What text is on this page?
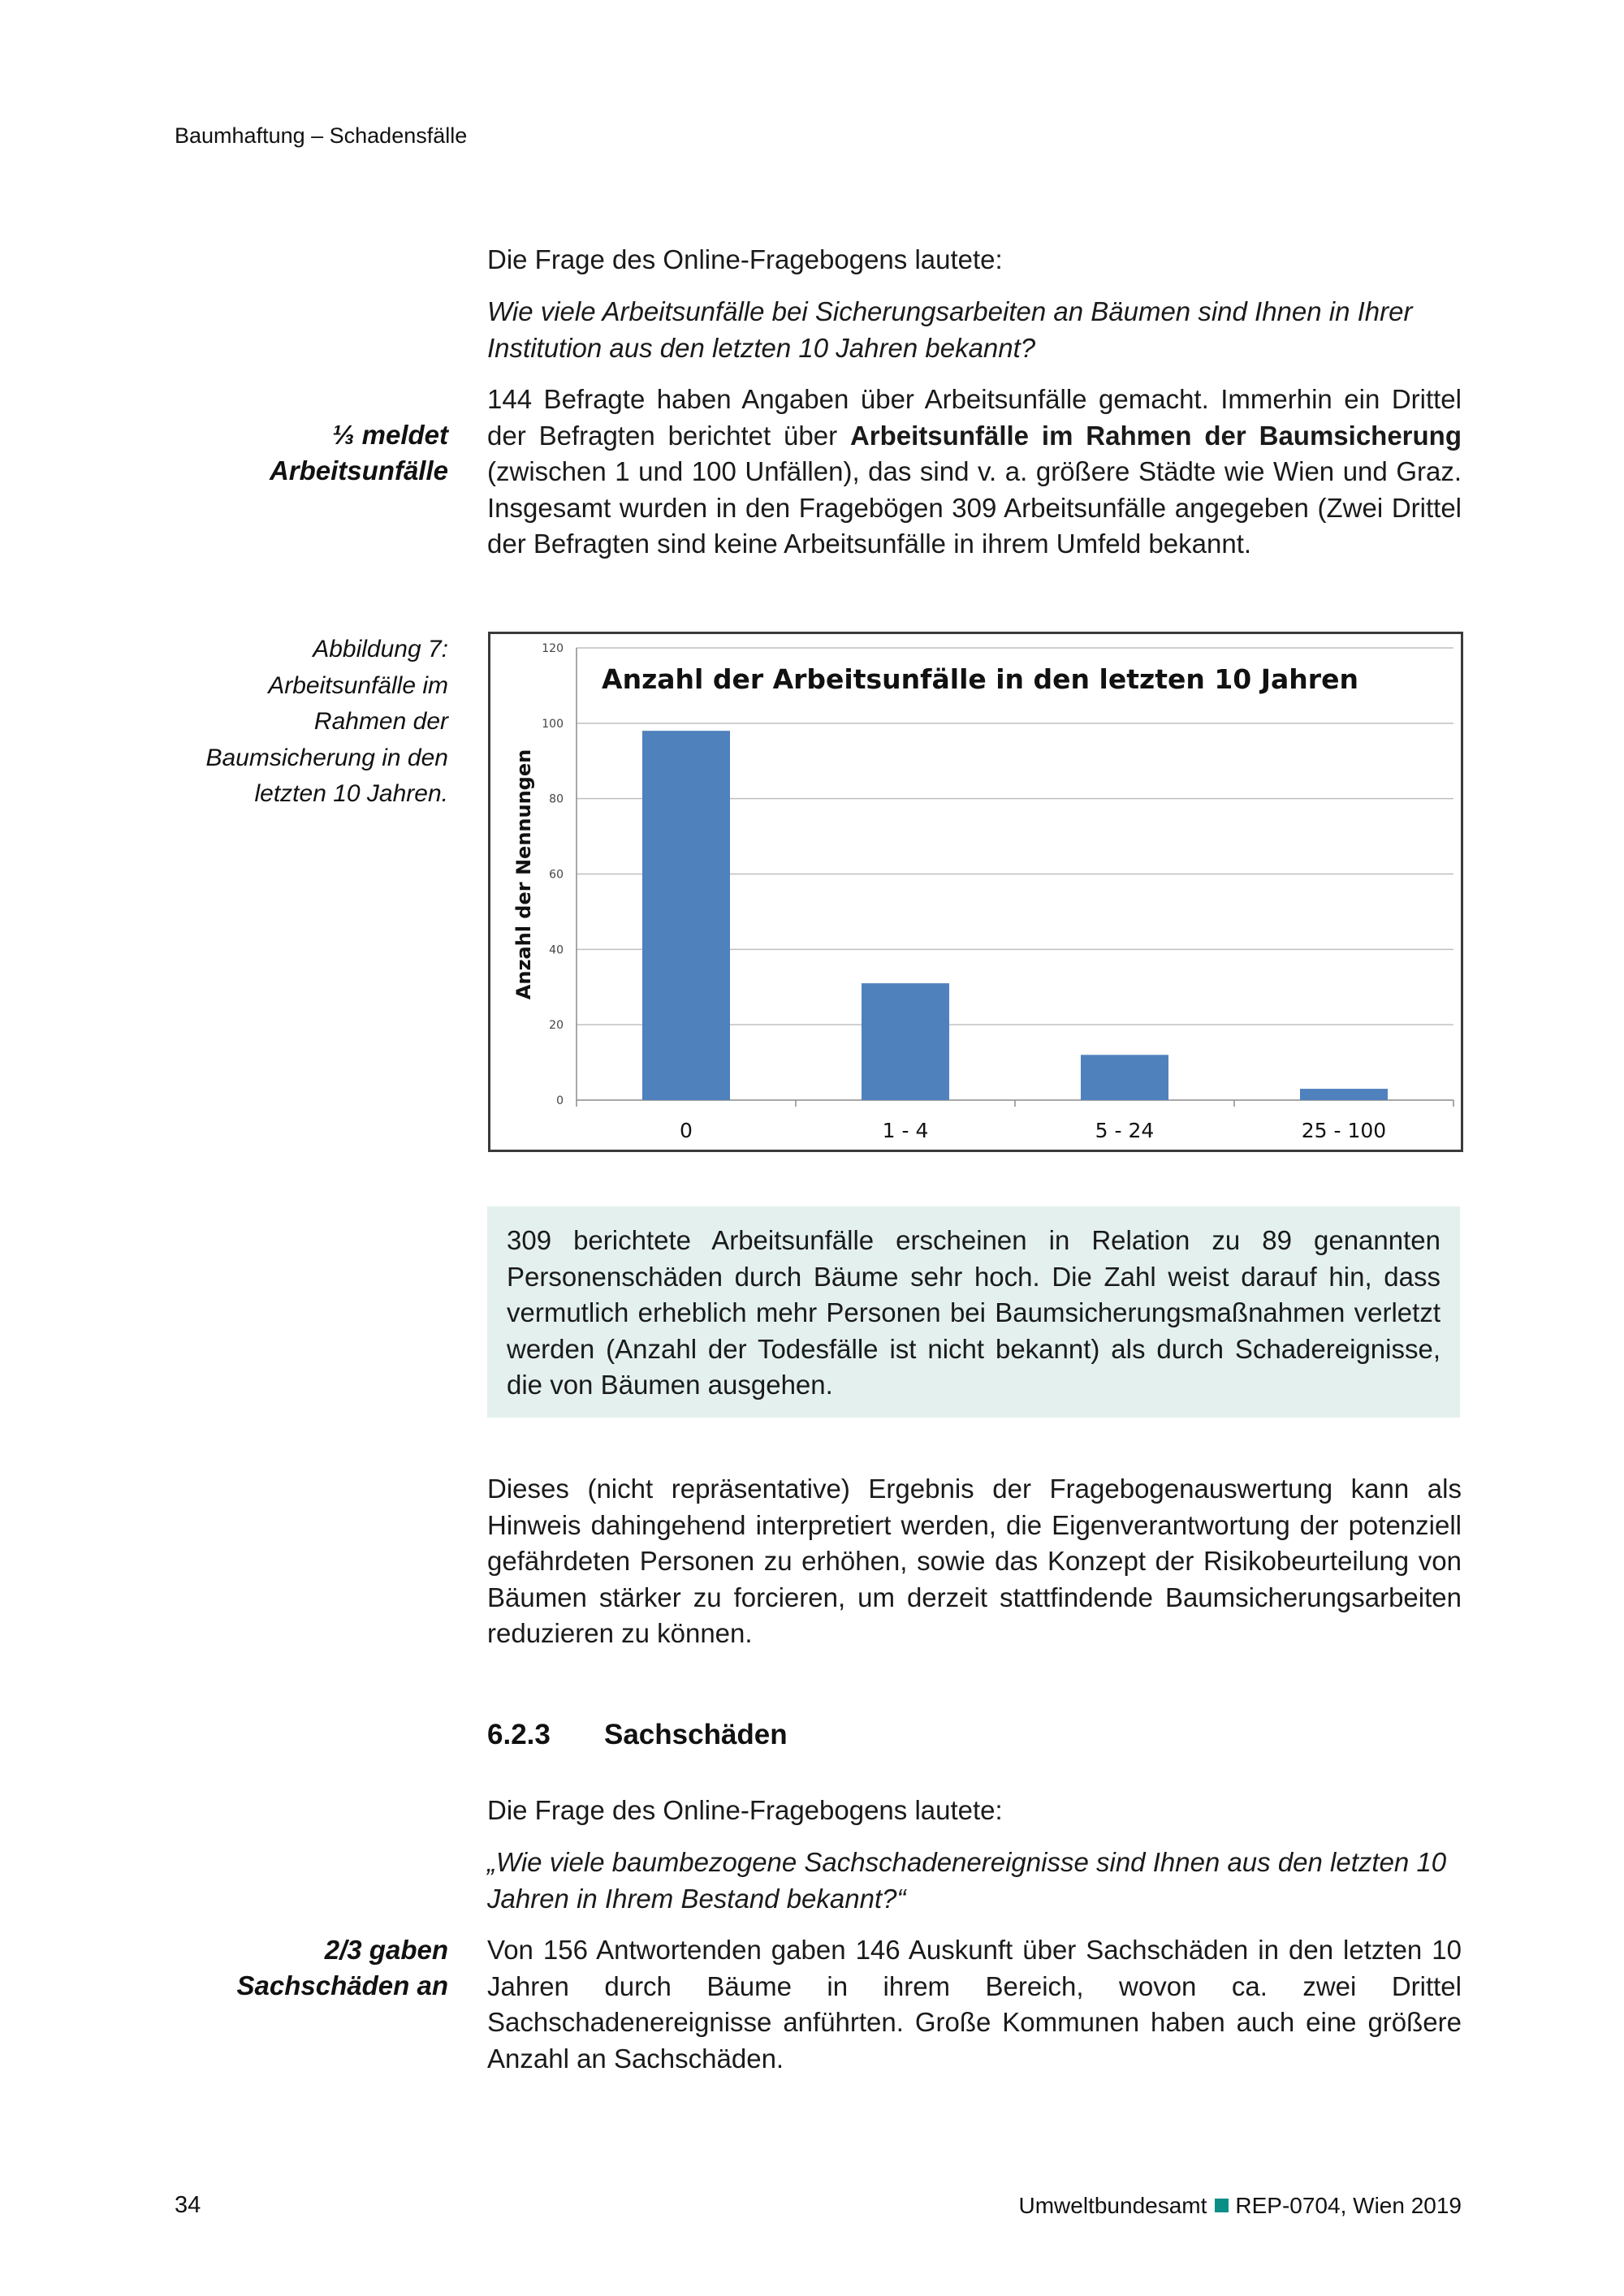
Baumhaftung – Schadensfälle
Die Frage des Online-Fragebogens lautete:
Wie viele Arbeitsunfälle bei Sicherungsarbeiten an Bäumen sind Ihnen in Ihrer Institution aus den letzten 10 Jahren bekannt?
⅓ meldet
Arbeitsunfälle
144 Befragte haben Angaben über Arbeitsunfälle gemacht. Immerhin ein Drittel der Befragten berichtet über Arbeitsunfälle im Rahmen der Baumsicherung (zwischen 1 und 100 Unfällen), das sind v. a. größere Städte wie Wien und Graz. Insgesamt wurden in den Fragebögen 309 Arbeitsunfälle angegeben (Zwei Drittel der Befragten sind keine Arbeitsunfälle in ihrem Umfeld bekannt.
Abbildung 7:
Arbeitsunfälle im
Rahmen der
Baumsicherung in den
letzten 10 Jahren.
0
20
40
60
80
100
120
0	1 - 4	5 - 24	25 - 100
Anzahl der Arbeitsunfälle in den letzten 10 Jahren
Anzahl der Nennungen
309 berichtete Arbeitsunfälle erscheinen in Relation zu 89 genannten Personenschäden durch Bäume sehr hoch. Die Zahl weist darauf hin, dass vermutlich erheblich mehr Personen bei Baumsicherungsmaßnahmen verletzt werden (Anzahl der Todesfälle ist nicht bekannt) als durch Schadereignisse, die von Bäumen ausgehen.
Dieses (nicht repräsentative) Ergebnis der Fragebogenauswertung kann als Hinweis dahingehend interpretiert werden, die Eigenverantwortung der potenziell gefährdeten Personen zu erhöhen, sowie das Konzept der Risikobeurteilung von Bäumen stärker zu forcieren, um derzeit stattfindende Baumsicherungsarbeiten reduzieren zu können.
6.2.3 Sachschäden
Die Frage des Online-Fragebogens lautete:
„Wie viele baumbezogene Sachschadenereignisse sind Ihnen aus den letzten 10 Jahren in Ihrem Bestand bekannt?“
2/3 gaben
Sachschäden an
Von 156 Antwortenden gaben 146 Auskunft über Sachschäden in den letzten 10 Jahren durch Bäume in ihrem Bereich, wovon ca. zwei Drittel Sachschadenereignisse anführten. Große Kommunen haben auch eine größere Anzahl an Sachschäden.
34	Umweltbundesamt REP-0704, Wien 2019
